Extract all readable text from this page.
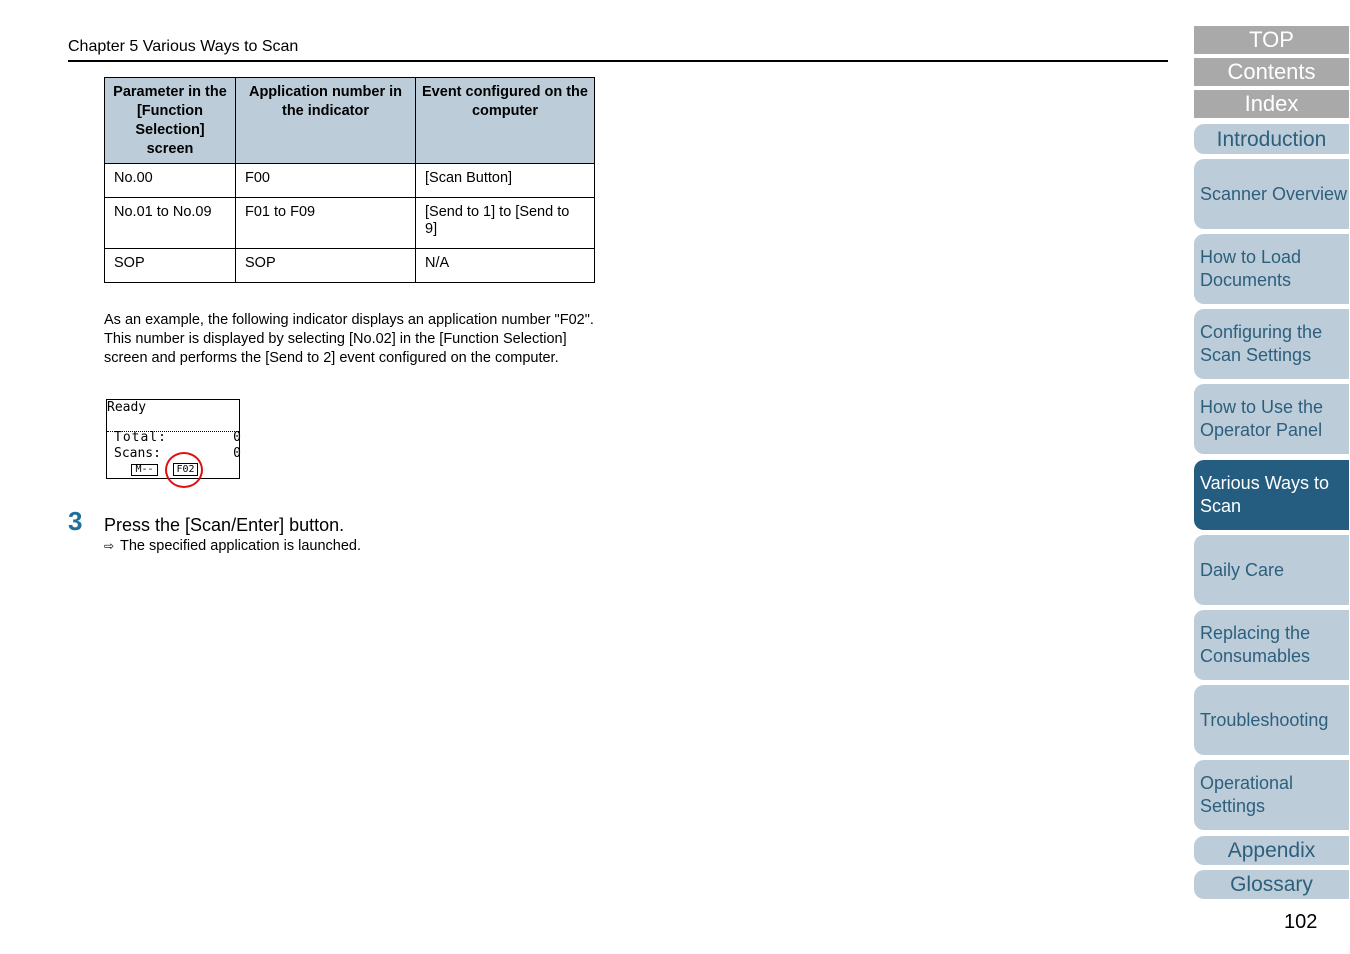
Chapter 5 Various Ways to Scan
Parameter in the [Function Selection] screen	Application number in the indicator	Event configured on the computer
No.00	F00	[Scan Button]
No.01 to No.09	F01 to F09	[Send to 1] to [Send to 9]
SOP	SOP	N/A
As an example, the following indicator displays an application number "F02". This number is displayed by selecting [No.02] in the [Function Selection] screen and performs the [Send to 2] event configured on the computer.
Ready
Total:	0
Scans:	0
M--	F02
3 Press the [Scan/Enter] button.
⇨ The specified application is launched.
TOP
Contents
Index
Introduction
Scanner Overview
How to Load Documents
Configuring the Scan Settings
How to Use the Operator Panel
Various Ways to Scan
Daily Care
Replacing the Consumables
Troubleshooting
Operational Settings
Appendix
Glossary
102
